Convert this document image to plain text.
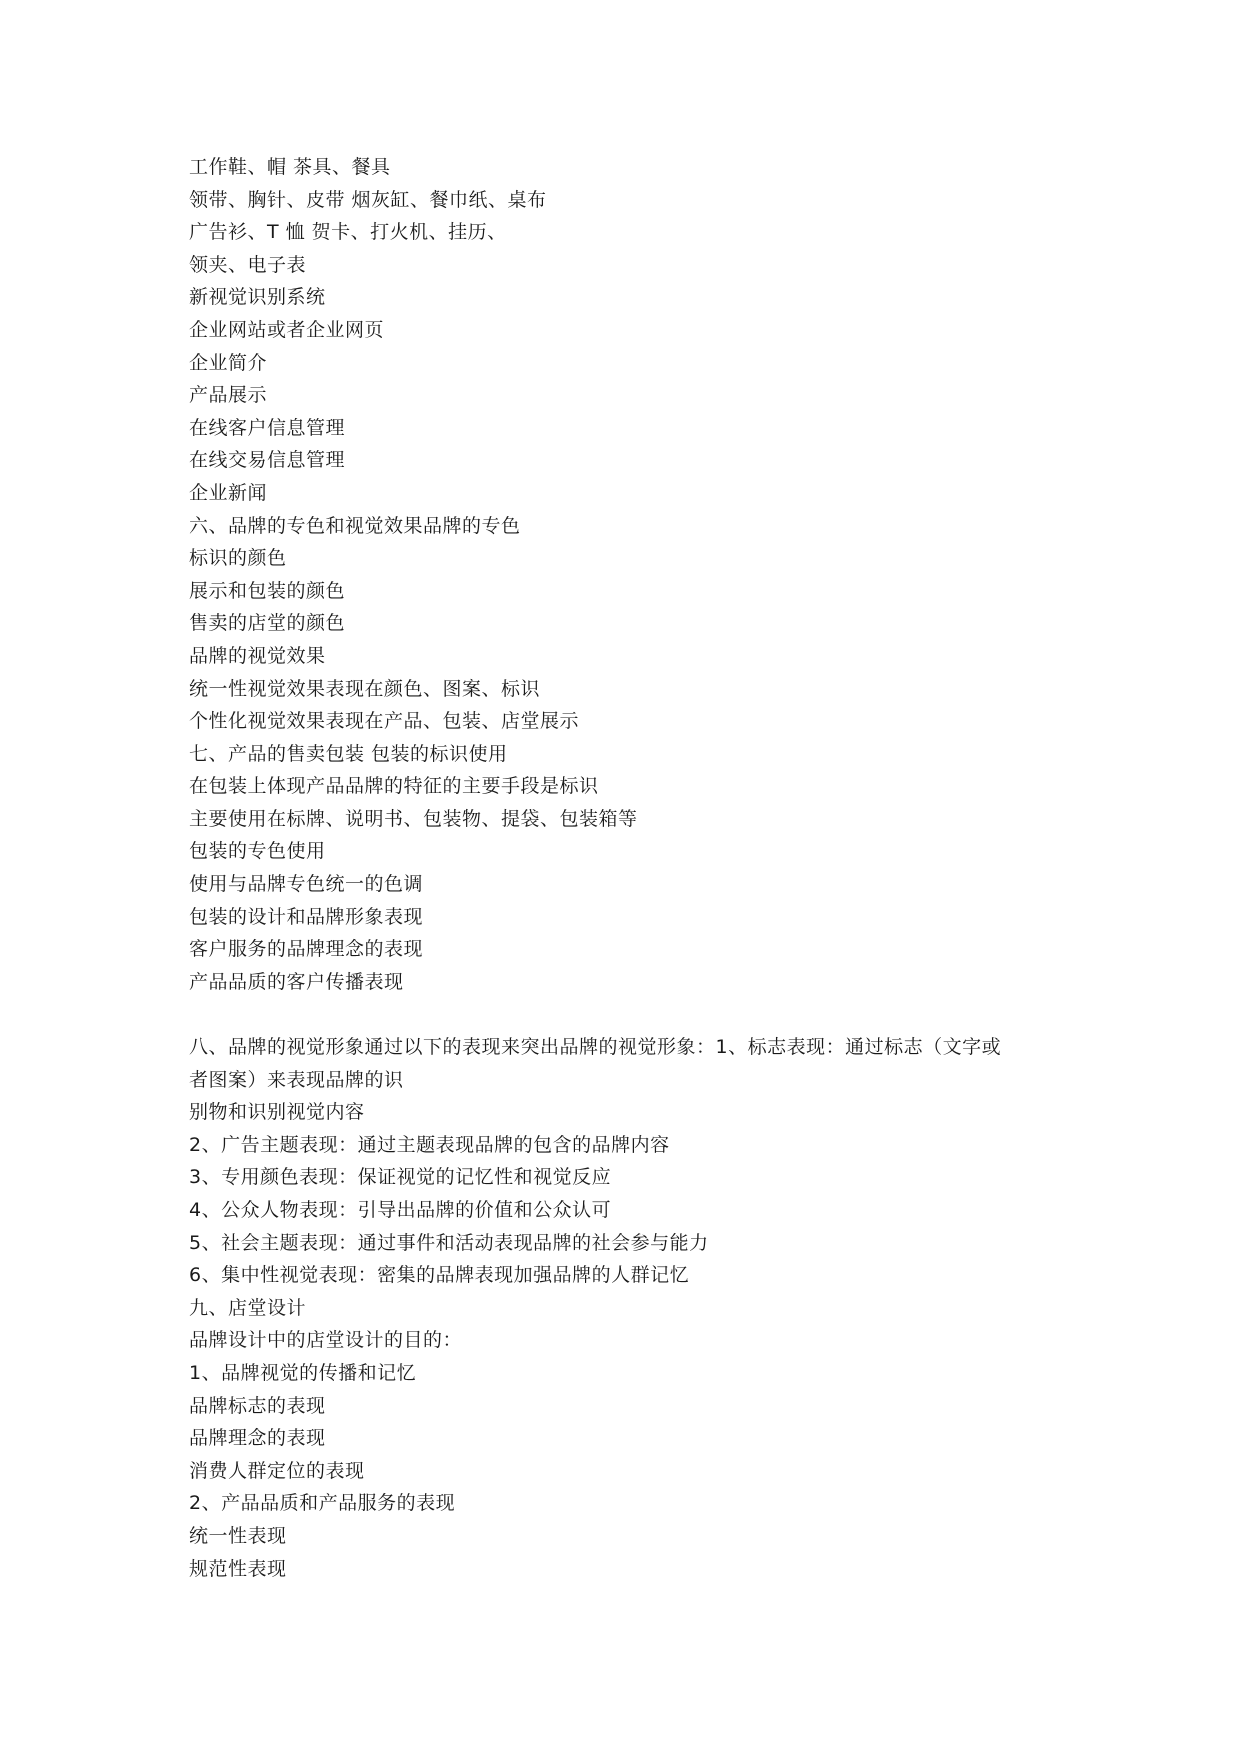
工作鞋、帽 茶具、餐具
领带、胸针、皮带 烟灰缸、餐巾纸、桌布
广告衫、T 恤 贺卡、打火机、挂历、
领夹、电子表
新视觉识别系统
企业网站或者企业网页
企业简介
产品展示
在线客户信息管理
在线交易信息管理
企业新闻
六、品牌的专色和视觉效果品牌的专色
标识的颜色
展示和包装的颜色
售卖的店堂的颜色
品牌的视觉效果
统一性视觉效果表现在颜色、图案、标识
个性化视觉效果表现在产品、包装、店堂展示
七、产品的售卖包装 包装的标识使用
在包装上体现产品品牌的特征的主要手段是标识
主要使用在标牌、说明书、包装物、提袋、包装箱等
包装的专色使用
使用与品牌专色统一的色调
包装的设计和品牌形象表现
客户服务的品牌理念的表现
产品品质的客户传播表现
八、品牌的视觉形象通过以下的表现来突出品牌的视觉形象：1、标志表现：通过标志（文字或
者图案）来表现品牌的识
别物和识别视觉内容
2、广告主题表现：通过主题表现品牌的包含的品牌内容
3、专用颜色表现：保证视觉的记忆性和视觉反应
4、公众人物表现：引导出品牌的价值和公众认可
5、社会主题表现：通过事件和活动表现品牌的社会参与能力
6、集中性视觉表现：密集的品牌表现加强品牌的人群记忆
九、店堂设计
品牌设计中的店堂设计的目的：
1、品牌视觉的传播和记忆
品牌标志的表现
品牌理念的表现
消费人群定位的表现
2、产品品质和产品服务的表现
统一性表现
规范性表现
